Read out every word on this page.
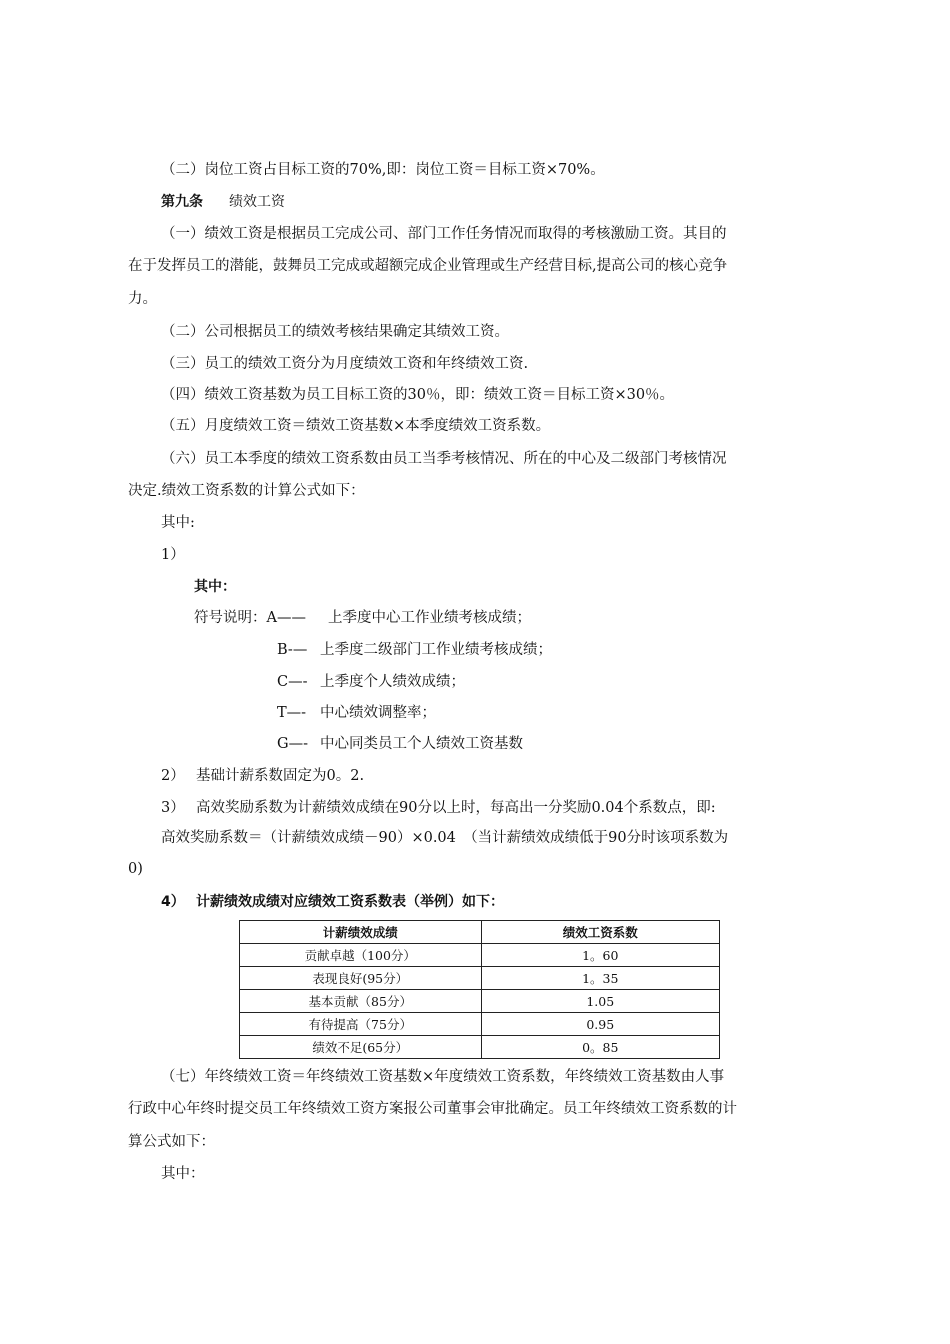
（二）岗位工资占目标工资的70%,即：岗位工资＝目标工资×70%。
第九条 绩效工资
（一）绩效工资是根据员工完成公司、部门工作任务情况而取得的考核激励工资。其目的
在于发挥员工的潜能，鼓舞员工完成或超额完成企业管理或生产经营目标,提高公司的核心竞争
力。
（二）公司根据员工的绩效考核结果确定其绩效工资。
（三）员工的绩效工资分为月度绩效工资和年终绩效工资.
（四）绩效工资基数为员工目标工资的30％，即：绩效工资＝目标工资×30％。
（五）月度绩效工资＝绩效工资基数×本季度绩效工资系数。
（六）员工本季度的绩效工资系数由员工当季考核情况、所在的中心及二级部门考核情况
决定.绩效工资系数的计算公式如下：
其中:
1）
其中：
符号说明：A—— 上季度中心工作业绩考核成绩；
B-— 上季度二级部门工作业绩考核成绩；
C—- 上季度个人绩效成绩；
T—- 中心绩效调整率；
G—- 中心同类员工个人绩效工资基数
2） 基础计薪系数固定为0。2.
3） 高效奖励系数为计薪绩效成绩在90分以上时，每高出一分奖励0.04个系数点，即:
高效奖励系数＝（计薪绩效成绩－90）×0.04　（当计薪绩效成绩低于90分时该项系数为
0)
4） 计薪绩效成绩对应绩效工资系数表（举例）如下：
计薪绩效成绩	绩效工资系数
贡献卓越（100分）	1。60
表现良好(95分）	1。35
基本贡献（85分）	1.05
有待提高（75分）	0.95
绩效不足(65分）	0。85
（七）年终绩效工资＝年终绩效工资基数×年度绩效工资系数，年终绩效工资基数由人事
行政中心年终时提交员工年终绩效工资方案报公司董事会审批确定。员工年终绩效工资系数的计
算公式如下：
其中：
